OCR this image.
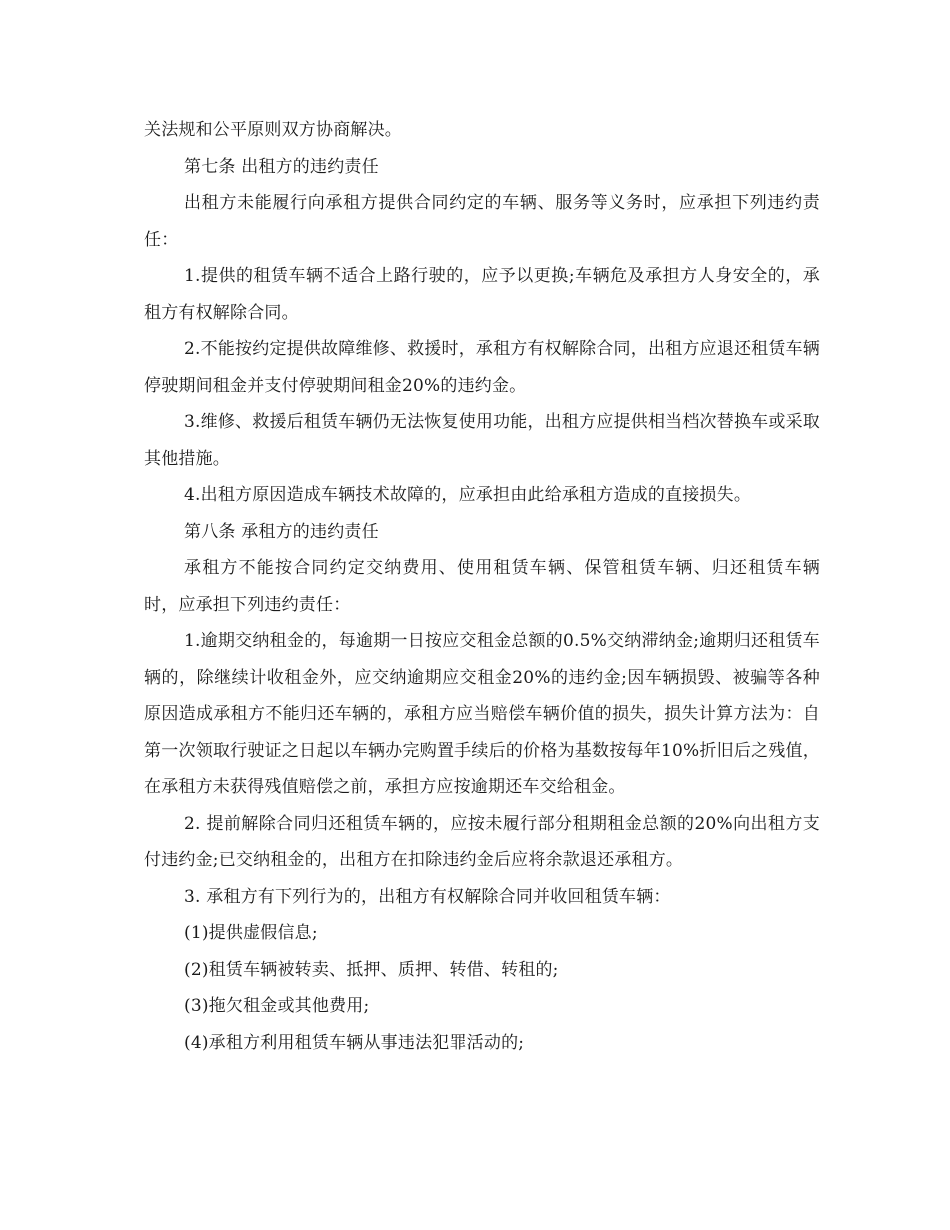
关法规和公平原则双方协商解决。

第七条 出租方的违约责任

出租方未能履行向承租方提供合同约定的车辆、服务等义务时，应承担下列违约责任：

1.提供的租赁车辆不适合上路行驶的，应予以更换;车辆危及承担方人身安全的，承租方有权解除合同。

2.不能按约定提供故障维修、救援时，承租方有权解除合同，出租方应退还租赁车辆停驶期间租金并支付停驶期间租金20%的违约金。

3.维修、救援后租赁车辆仍无法恢复使用功能，出租方应提供相当档次替换车或采取其他措施。

4.出租方原因造成车辆技术故障的，应承担由此给承租方造成的直接损失。

第八条 承租方的违约责任

承租方不能按合同约定交纳费用、使用租赁车辆、保管租赁车辆、归还租赁车辆时，应承担下列违约责任：

1.逾期交纳租金的，每逾期一日按应交租金总额的0.5%交纳滞纳金;逾期归还租赁车辆的，除继续计收租金外，应交纳逾期应交租金20%的违约金;因车辆损毁、被骗等各种原因造成承租方不能归还车辆的，承租方应当赔偿车辆价值的损失，损失计算方法为：自第一次领取行驶证之日起以车辆办完购置手续后的价格为基数按每年10%折旧后之残值，在承租方未获得残值赔偿之前，承担方应按逾期还车交给租金。

2. 提前解除合同归还租赁车辆的，应按未履行部分租期租金总额的20%向出租方支付违约金;已交纳租金的，出租方在扣除违约金后应将余款退还承租方。

3. 承租方有下列行为的，出租方有权解除合同并收回租赁车辆：

(1)提供虚假信息;

(2)租赁车辆被转卖、抵押、质押、转借、转租的;

(3)拖欠租金或其他费用;

(4)承租方利用租赁车辆从事违法犯罪活动的;
